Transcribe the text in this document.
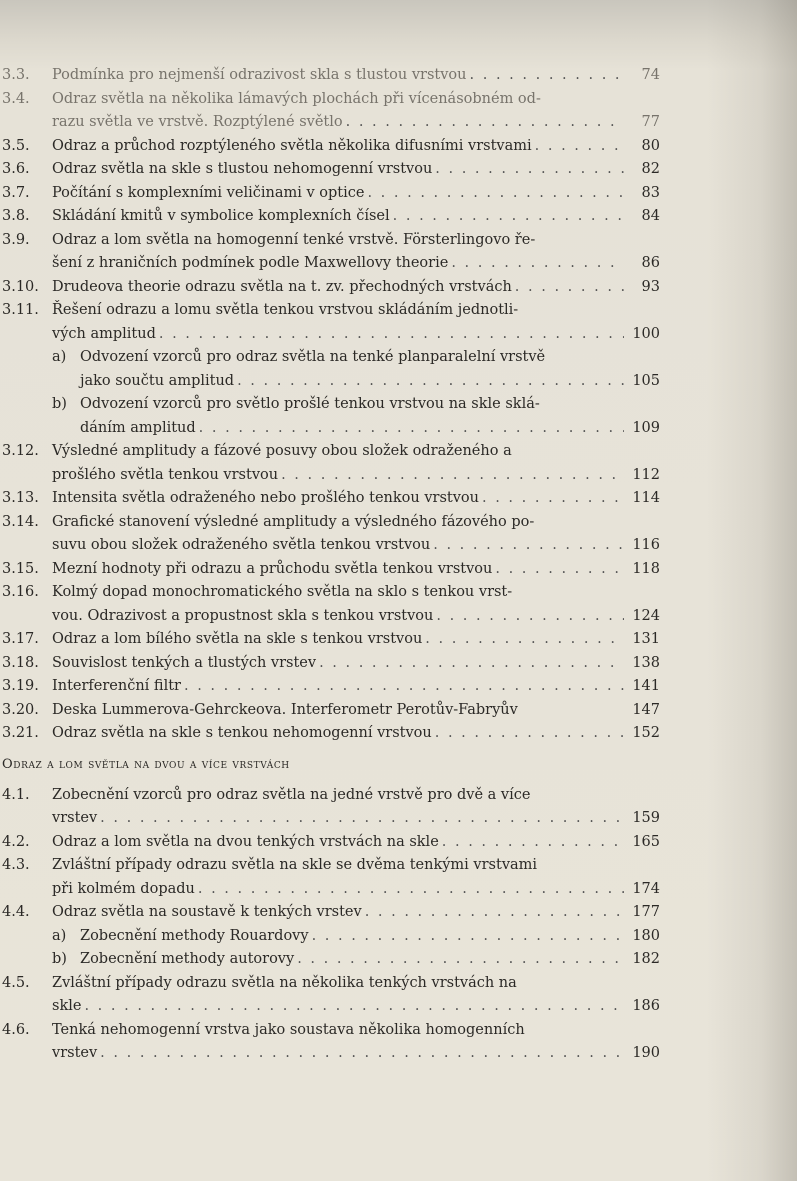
3.3.	Podmínka pro nejmenší odrazivost skla s tlustou vrstvou . . .	74
3.4.	Odraz světla na několika lámavých plochách při vícenásobném od-
razu světla ve vrstvě. Rozptýlené světlo . . .	77
3.5.	Odraz a průchod rozptýleného světla několika difusními vrstvami . . .	80
3.6.	Odraz světla na skle s tlustou nehomogenní vrstvou . . .	82
3.7.	Počítání s komplexními veličinami v optice . . .	83
3.8.	Skládání kmitů v symbolice komplexních čísel . . .	84
3.9.	Odraz a lom světla na homogenní tenké vrstvě. Försterlingovo ře-
šení z hraničních podmínek podle Maxwellovy theorie . . .	86
3.10. Drudeova theorie odrazu světla na t. zv. přechodných vrstvách . . .	93
3.11. Řešení odrazu a lomu světla tenkou vrstvou skládáním jednotli-
vých amplitud . . .	100
a) Odvození vzorců pro odraz světla na tenké planparalelní vrstvě
jako součtu amplitud . . .	105
b) Odvození vzorců pro světlo prošlé tenkou vrstvou na skle sklá-
dáním amplitud . . .	109
3.12. Výsledné amplitudy a fázové posuvy obou složek odraženého a
prošlého světla tenkou vrstvou . . .	112
3.13. Intensita světla odraženého nebo prošlého tenkou vrstvou . . .	114
3.14. Grafické stanovení výsledné amplitudy a výsledného fázového po-
suvu obou složek odraženého světla tenkou vrstvou . . .	116
3.15. Mezní hodnoty při odrazu a průchodu světla tenkou vrstvou . . .	118
3.16. Kolmý dopad monochromatického světla na sklo s tenkou vrst-
vou. Odrazivost a propustnost skla s tenkou vrstvou . . .	124
3.17. Odraz a lom bílého světla na skle s tenkou vrstvou . . .	131
3.18. Souvislost tenkých a tlustých vrstev . . .	138
3.19. Interferenční filtr . . .	141
3.20. Deska Lummerova-Gehrckeova. Interferometr Perotův-Fabryův	147
3.21. Odraz světla na skle s tenkou nehomogenní vrstvou . . .	152
Odraz a lom světla na dvou a více vrstvách
4.1.	Zobecnění vzorců pro odraz světla na jedné vrstvě pro dvě a více
vrstev . . .	159
4.2.	Odraz a lom světla na dvou tenkých vrstvách na skle . . .	165
4.3.	Zvláštní případy odrazu světla na skle se dvěma tenkými vrstvami
při kolmém dopadu . . .	174
4.4.	Odraz světla na soustavě k tenkých vrstev . . .	177
a) Zobecnění methody Rouardovy . . .	180
b) Zobecnění methody autorovy . . .	182
4.5.	Zvláštní případy odrazu světla na několika tenkých vrstvách na
skle . . .	186
4.6.	Tenká nehomogenní vrstva jako soustava několika homogenních
vrstev . . .	190
